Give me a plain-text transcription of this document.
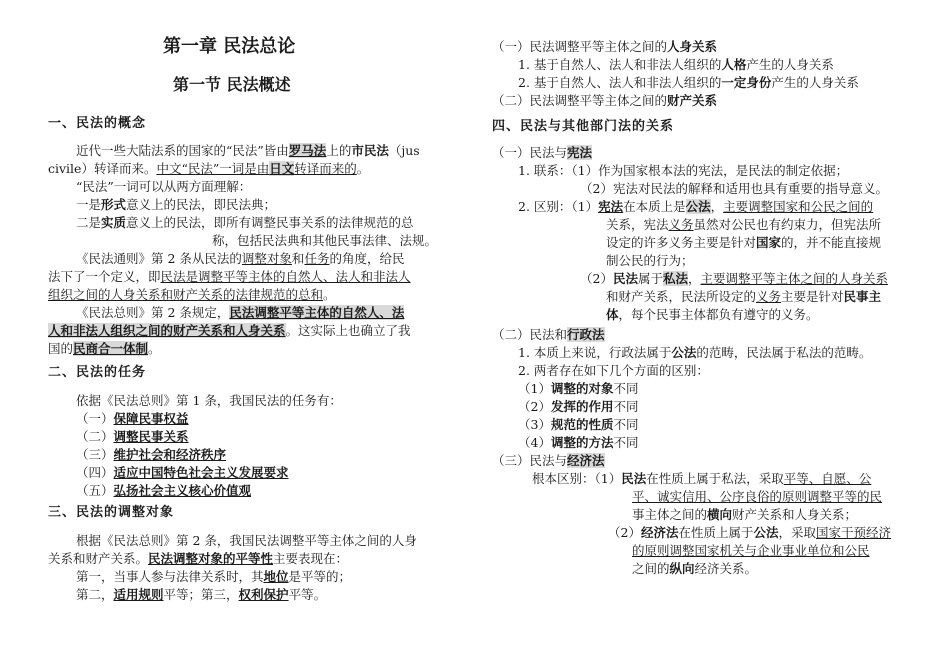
第一章 民法总论
第一节 民法概述
一、民法的概念
近代一些大陆法系的国家的“民法”皆由罗马法上的市民法（jus
civile）转译而来。中文“民法”一词是由日文转译而来的。
“民法”一词可以从两方面理解：
一是形式意义上的民法，即民法典；
二是实质意义上的民法，即所有调整民事关系的法律规范的总
称，包括民法典和其他民事法律、法规。
《民法通则》第 2 条从民法的调整对象和任务的角度，给民
法下了一个定义，即民法是调整平等主体的自然人、法人和非法人
组织之间的人身关系和财产关系的法律规范的总和。
《民法总则》第 2 条规定，民法调整平等主体的自然人、法
人和非法人组织之间的财产关系和人身关系。这实际上也确立了我
国的民商合一体制。
二、民法的任务
依据《民法总则》第 1 条，我国民法的任务有：
（一）保障民事权益
（二）调整民事关系
（三）维护社会和经济秩序
（四）适应中国特色社会主义发展要求
（五）弘扬社会主义核心价值观
三、民法的调整对象
根据《民法总则》第 2 条，我国民法调整平等主体之间的人身
关系和财产关系。民法调整对象的平等性主要表现在：
第一，当事人参与法律关系时，其地位是平等的；
第二，适用规则平等；第三，权利保护平等。
（一）民法调整平等主体之间的人身关系
1. 基于自然人、法人和非法人组织的人格产生的人身关系
2. 基于自然人、法人和非法人组织的一定身份产生的人身关系
（二）民法调整平等主体之间的财产关系
四、民法与其他部门法的关系
（一）民法与宪法
1. 联系：（1）作为国家根本法的宪法，是民法的制定依据；
（2）宪法对民法的解释和适用也具有重要的指导意义。
2. 区别：（1）宪法在本质上是公法，主要调整国家和公民之间的
关系，宪法义务虽然对公民也有约束力，但宪法所
设定的许多义务主要是针对国家的，并不能直接规
制公民的行为；
（2）民法属于私法，主要调整平等主体之间的人身关系
和财产关系，民法所设定的义务主要是针对民事主
体，每个民事主体都负有遵守的义务。
（二）民法和行政法
1. 本质上来说，行政法属于公法的范畴，民法属于私法的范畴。
2. 两者存在如下几个方面的区别：
（1）调整的对象不同
（2）发挥的作用不同
（3）规范的性质不同
（4）调整的方法不同
（三）民法与经济法
根本区别：（1）民法在性质上属于私法，采取平等、自愿、公
平、诚实信用、公序良俗的原则调整平等的民
事主体之间的横向财产关系和人身关系；
（2）经济法在性质上属于公法，采取国家干预经济
的原则调整国家机关与企业事业单位和公民
之间的纵向经济关系。
